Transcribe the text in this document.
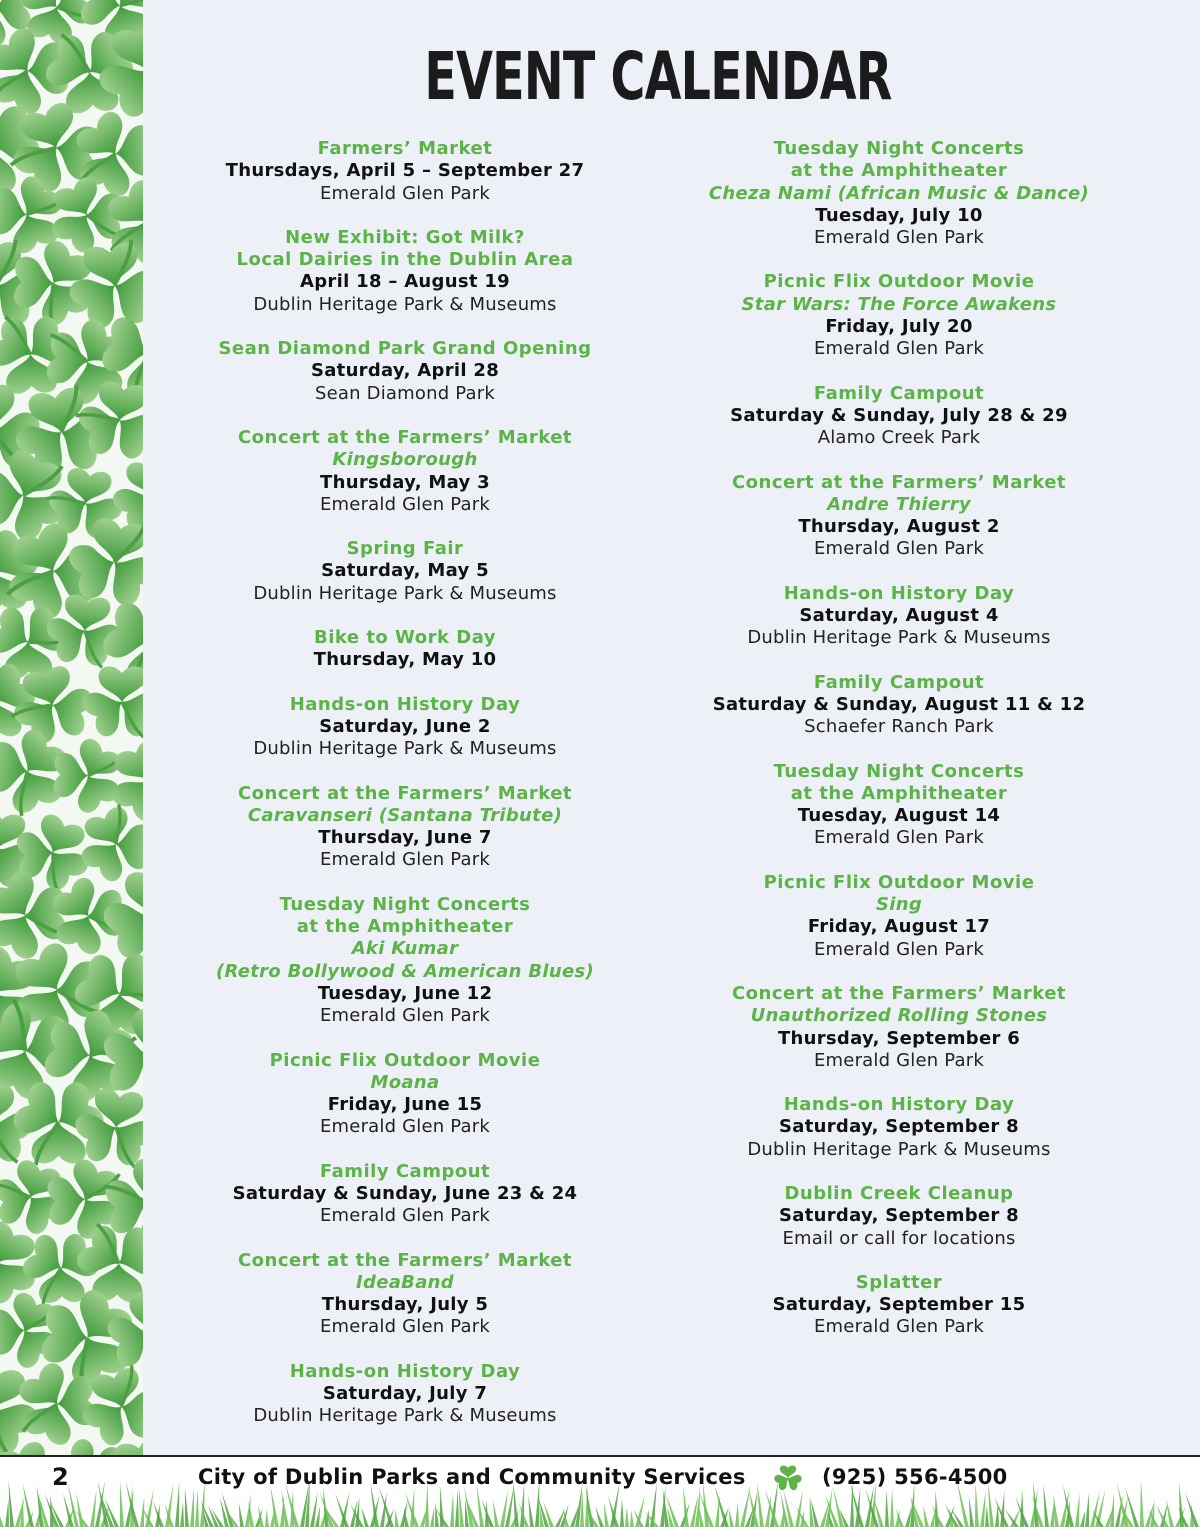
EVENT CALENDAR
Farmers’ Market
Thursdays, April 5 – September 27
Emerald Glen Park
New Exhibit: Got Milk?
Local Dairies in the Dublin Area
April 18 – August 19
Dublin Heritage Park & Museums
Sean Diamond Park Grand Opening
Saturday, April 28
Sean Diamond Park
Concert at the Farmers’ Market
Kingsborough
Thursday, May 3
Emerald Glen Park
Spring Fair
Saturday, May 5
Dublin Heritage Park & Museums
Bike to Work Day
Thursday, May 10
Hands-on History Day
Saturday, June 2
Dublin Heritage Park & Museums
Concert at the Farmers’ Market
Caravanseri (Santana Tribute)
Thursday, June 7
Emerald Glen Park
Tuesday Night Concerts
at the Amphitheater
Aki Kumar
(Retro Bollywood & American Blues)
Tuesday, June 12
Emerald Glen Park
Picnic Flix Outdoor Movie
Moana
Friday, June 15
Emerald Glen Park
Family Campout
Saturday & Sunday, June 23 & 24
Emerald Glen Park
Concert at the Farmers’ Market
IdeaBand
Thursday, July 5
Emerald Glen Park
Hands-on History Day
Saturday, July 7
Dublin Heritage Park & Museums
Tuesday Night Concerts
at the Amphitheater
Cheza Nami (African Music & Dance)
Tuesday, July 10
Emerald Glen Park
Picnic Flix Outdoor Movie
Star Wars: The Force Awakens
Friday, July 20
Emerald Glen Park
Family Campout
Saturday & Sunday, July 28 & 29
Alamo Creek Park
Concert at the Farmers’ Market
Andre Thierry
Thursday, August 2
Emerald Glen Park
Hands-on History Day
Saturday, August 4
Dublin Heritage Park & Museums
Family Campout
Saturday & Sunday, August 11 & 12
Schaefer Ranch Park
Tuesday Night Concerts
at the Amphitheater
Tuesday, August 14
Emerald Glen Park
Picnic Flix Outdoor Movie
Sing
Friday, August 17
Emerald Glen Park
Concert at the Farmers’ Market
Unauthorized Rolling Stones
Thursday, September 6
Emerald Glen Park
Hands-on History Day
Saturday, September 8
Dublin Heritage Park & Museums
Dublin Creek Cleanup
Saturday, September 8
Email or call for locations
Splatter
Saturday, September 15
Emerald Glen Park
2	City of Dublin Parks and Community Services	(925) 556-4500
